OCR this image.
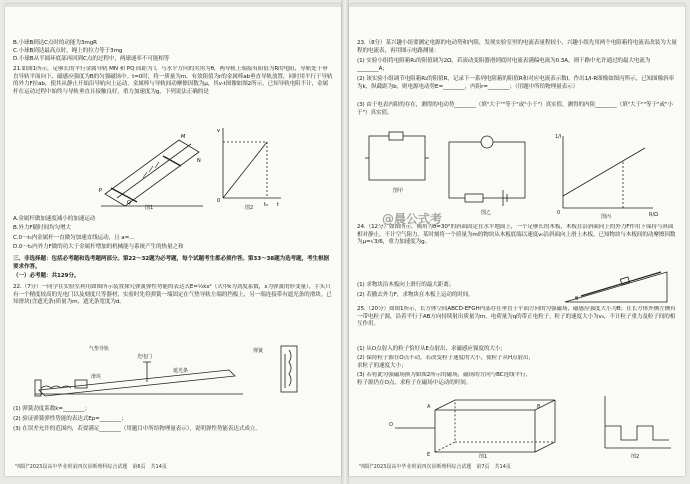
B.小球B到达C点时的动能为3mgR
C.小球B到达最高点时，绳上的拉力等于3mg
D.小球B从半圆环底部再回到C点的过程中，两球速率不可能相等
21.如图1所示，足够长的平行金属导轨 MN 和 PQ 间距为 l，与水平方向的夹角为θ，两导轨上端接有阻值为R的电阻，导轨处于垂直导轨平面向下、磁感应强度为B的匀强磁场中。t=0时，将一质量为m、有效阻值为r的金属棒ab垂直导轨放置，同时用平行于导轨的外力F拉ab，使其从静止开始沿导轨向上运动，金属棒与导轨间动摩擦因数为μ，其v-t图像如图2所示。已知导轨电阻不计，金属杆在运动过程中始终与导轨垂直且接触良好，重力加速度为g，下列说法正确的是
P
M
N
Q
图1
v
t
t₀
0
图2
A.金属杆做加速度减小的加速运动
B.外力F随时间均匀增大
C.0～t₀内金属杆一直做匀加速直线运动，且 a=...
D.0～t₀内外力F做的功大于金属杆增加的机械能与系统产生的热量之和
三、非选择题：包括必考题和选考题两部分。第22～32题为必考题，每个试题考生都必须作答。第33～38题为选考题，考生根据要求作答。
（一）必考题：共129分。
22.（7分）一同学在实验室利用如图所示装置探究弹簧弹性势能的表达式E=½kx²（式中k为劲度系数，x为弹簧的形变量），手头只有一个精度较高的光电门以及刻度尺等器材，实验时先将弹簧一端固定在气垫导轨左端的挡板上，另一端连接带有遮光条的滑块。已知滑块(含遮光条)质量为m，遮光条宽度为d。
气垫导轨
光电门
滑块
弹簧
遮光条
(1) 弹簧劲度系数k=________；
(2) 验证弹簧弹性势能的表达式Ep=________；
(3) 在误差允许的范围内，若要满足________（用题目中所给物理量表示），说明弹性势能表达式成立。
"绵阳"2023届高中毕业班第四次诊断理科综合试题　第6页　共14页
23.（8分）某兴趣小组要测定电源的电动势和内阻，发现实验室里的电流表量程较小，兴趣小组先用两个电阻箱将电流表改装为大量程的电流表，再用图示电路测量：
(1) 实验小组将电阻箱R₁的阻值调为2Ω，若滚动变阻器滑到底时电流表满偏电流为0.3A，则干路中允许通过的最大电流为________A；
(2) 该实验小组调节电阻箱R₂的阻值R，记录下一系列电阻箱的阻值R和对应电流表示数I，作出1/I-R图像如图丙所示，已知图像斜率为k，纵截距为b，则电源电动势E=________，内阻r=________；（用题中所给物理量表示）
(3) 由于电表内阻的存在，测得的电动势________（填"大于""等于"或"小于"）真实值，测得的内阻________（填"大于""等于"或"小于"）真实值。
图甲
图乙
图丙
1/I
R/Ω
0
24.（12分）如图所示，倾角为θ=30°的斜面固定在水平地面上，一个足够长的木板，木板在沿斜面向上的外力F作用下保持与斜面相对静止，不计空气阻力，某时刻将一个质量为m的物块从木板底端以速度v₀沿斜面向上滑上木板，已知物块与木板间的动摩擦因数为μ=√3/6，重力加速度为g。
θ
(1) 求物块沿木板向上滑行的最大距离；
(2) 若撤去外力F，求物块在木板上运动的时间。
25.（20分）如图1所示，长方体空间ABCD-EFGH内部存在垂直于平面方向的匀强磁场，磁感应强度大小为B；在长方体外侧左侧有一带电粒子源，沿着平行于AB方向持续射出质量为m、电荷量为q的带正电粒子，粒子的速度大小为v₀，不计粒子重力及粒子间的相互作用。
(1) 从O点射入的粒子恰好从E点射出，求磁感应强度的大小；
(2) 保持粒子源在O点不动，若改变粒子速度的大小，使粒子从H点射出，求粒子的速度大小；
(3) 若将此匀强磁场换为如图2所示的磁场，磁场的方向与BC连线平行，粒子源仍在O点，求粒子在磁场中运动的时间。
O
A	B
E	图1	图2
"绵阳"2023届高中毕业班第四次诊断理科综合试题　第7页　共14页
@晨公式考
